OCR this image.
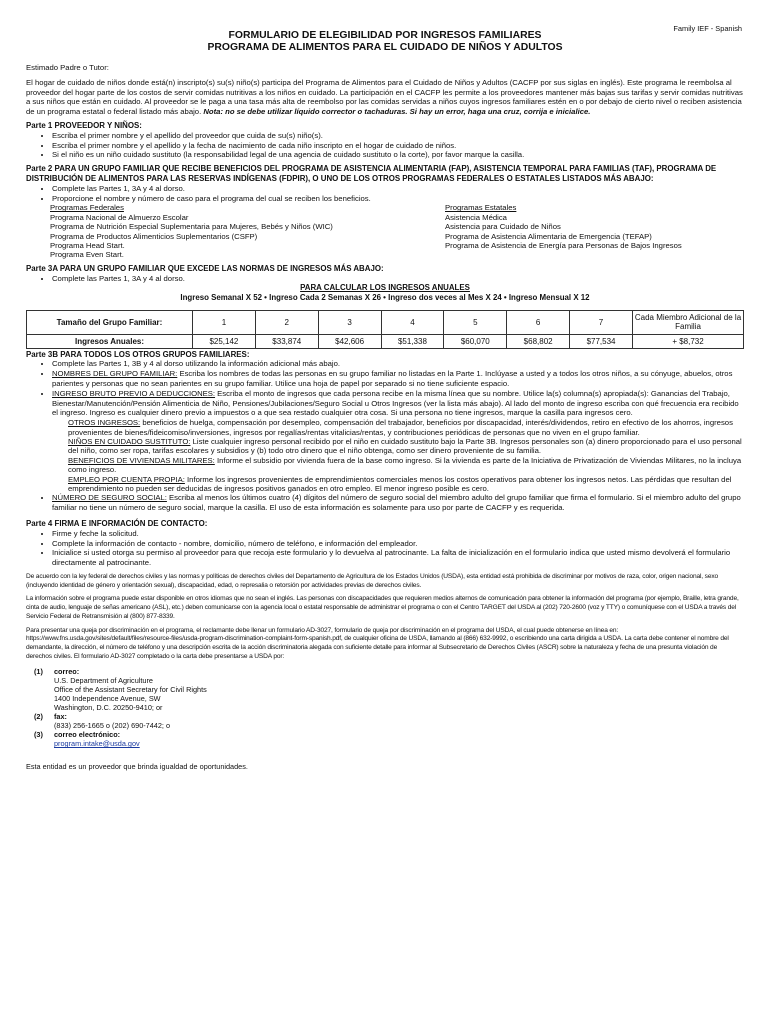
Family IEF - Spanish
FORMULARIO DE ELEGIBILIDAD POR INGRESOS FAMILIARES
PROGRAMA DE ALIMENTOS PARA EL CUIDADO DE NIÑOS Y ADULTOS

Estimado Padre o Tutor:

El hogar de cuidado de niños donde está(n) inscripto(s) su(s) niño(s) participa del Programa de Alimentos para el Cuidado de Niños y Adultos (CACFP por sus siglas en inglés). Este programa le reembolsa al proveedor del hogar parte de los costos de servir comidas nutritivas a los niños en cuidado. La participación en el CACFP les permite a los proveedores mantener más bajas sus tarifas y servir comidas nutritivas a sus niños que están en cuidado. Al proveedor se le paga a una tasa más alta de reembolso por las comidas servidas a niños cuyos ingresos familiares estén en o por debajo de cierto nivel o reciben asistencia de un programa estatal o federal listado más abajo. Nota: no se debe utilizar líquido corrector o tachaduras. Si hay un error, haga una cruz, corrija e inicialice.

Parte 1 PROVEEDOR Y NIÑOS:
• Escriba el primer nombre y el apellido del proveedor que cuida de su(s) niño(s).
• Escriba el primer nombre y el apellido y la fecha de nacimiento de cada niño inscripto en el hogar de cuidado de niños.
• Si el niño es un niño cuidado sustituto (la responsabilidad legal de una agencia de cuidado sustituto o la corte), por favor marque la casilla.
Parte 2 PARA UN GRUPO FAMILIAR QUE RECIBE BENEFICIOS DEL PROGRAMA DE ASISTENCIA ALIMENTARIA (FAP), ASISTENCIA TEMPORAL PARA FAMILIAS (TAF), PROGRAMA DE DISTRIBUCIÓN DE ALIMENTOS PARA LAS RESERVAS INDÍGENAS (FDPIR), O UNO DE LOS OTROS PROGRAMAS FEDERALES O ESTATALES LISTADOS MÁS ABAJO:
• Complete las Partes 1, 3A y 4 al dorso.
• Proporcione el nombre y número de caso para el programa del cual se reciben los beneficios.
Programas Federales
Programa Nacional de Almuerzo Escolar
Programa de Nutrición Especial Suplementaria para Mujeres, Bebés y Niños (WIC)
Programa de Productos Alimenticios Suplementarios (CSFP)
Programa Head Start.
Programa Even Start.
Programas Estatales
Asistencia Médica
Asistencia para Cuidado de Niños
Programa de Asistencia Alimentaria de Emergencia (TEFAP)
Programa de Asistencia de Energía para Personas de Bajos Ingresos
Parte 3A PARA UN GRUPO FAMILIAR QUE EXCEDE LAS NORMAS DE INGRESOS MÁS ABAJO:
• Complete las Partes 1, 3A y 4 al dorso.
PARA CALCULAR LOS INGRESOS ANUALES
Ingreso Semanal X 52 • Ingreso Cada 2 Semanas X 26 • Ingreso dos veces al Mes X 24 • Ingreso Mensual X 12
Tamaño del Grupo Familiar:	1	2	3	4	5	6	7	Cada Miembro Adicional de la Familia
Ingresos Anuales:	$25,142	$33,874	$42,606	$51,338	$60,070	$68,802	$77,534	+ $8,732
Parte 3B PARA TODOS LOS OTROS GRUPOS FAMILIARES:
• Complete las Partes 1, 3B y 4 al dorso utilizando la información adicional más abajo.
• NOMBRES DEL GRUPO FAMILIAR: Escriba los nombres de todas las personas en su grupo familiar no listadas en la Parte 1. Inclúyase a usted y a todos los otros niños, a su cónyuge, abuelos, otros parientes y personas que no sean parientes en su grupo familiar. Utilice una hoja de papel por separado si no tiene suficiente espacio.
• INGRESO BRUTO PREVIO A DEDUCCIONES: Escriba el monto de ingresos que cada persona recibe en la misma línea que su nombre. Utilice la(s) columna(s) apropiada(s): Ganancias del Trabajo, Bienestar/Manutención/Pensión Alimenticia de Niño, Pensiones/Jubilaciones/Seguro Social u Otros Ingresos (ver la lista más abajo). Al lado del monto de ingreso escriba con qué frecuencia era recibido el ingreso. Ingreso es cualquier dinero previo a impuestos o a que sea restado cualquier otra cosa. Si una persona no tiene ingresos, marque la casilla para ingresos cero.

OTROS INGRESOS: beneficios de huelga, compensación por desempleo, compensación del trabajador, beneficios por discapacidad, interés/dividendos, retiro en efectivo de los ahorros, ingresos provenientes de bienes/fideicomiso/inversiones, ingresos por regalías/rentas vitalicias/rentas, y contribuciones periódicas de personas que no viven en el grupo familiar.

NIÑOS EN CUIDADO SUSTITUTO: Liste cualquier ingreso personal recibido por el niño en cuidado sustituto bajo la Parte 3B. Ingresos personales son (a) dinero proporcionado para el uso personal del niño, como ser ropa, tarifas escolares y subsidios y (b) todo otro dinero que el niño obtenga, como ser dinero proveniente de su familia.

BENEFICIOS DE VIVIENDAS MILITARES: Informe el subsidio por vivienda fuera de la base como ingreso. Si la vivienda es parte de la Iniciativa de Privatización de Viviendas Militares, no la incluya como ingreso.

EMPLEO POR CUENTA PROPIA: Informe los ingresos provenientes de emprendimientos comerciales menos los costos operativos para obtener los ingresos netos. Las pérdidas que resultan del emprendimiento no pueden ser deducidas de ingresos positivos ganados en otro empleo. El menor ingreso posible es cero.

• NÚMERO DE SEGURO SOCIAL: Escriba al menos los últimos cuatro (4) dígitos del número de seguro social del miembro adulto del grupo familiar que firma el formulario. Si el miembro adulto del grupo familiar no tiene un número de seguro social, marque la casilla. El uso de esta información es solamente para uso por parte de CACFP y es requerida.
Parte 4 FIRMA E INFORMACIÓN DE CONTACTO:
• Firme y feche la solicitud.
• Complete la información de contacto - nombre, domicilio, número de teléfono, e información del empleador.
• Inicialice si usted otorga su permiso al proveedor para que recoja este formulario y lo devuelva al patrocinante. La falta de inicialización en el formulario indica que usted mismo devolverá el formulario directamente al patrocinante.

De acuerdo con la ley federal de derechos civiles y las normas y políticas de derechos civiles del Departamento de Agricultura de los Estados Unidos (USDA), esta entidad está prohibida de discriminar por motivos de raza, color, origen nacional, sexo (incluyendo identidad de género y orientación sexual), discapacidad, edad, o represalia o retorsión por actividades previas de derechos civiles.

La información sobre el programa puede estar disponible en otros idiomas que no sean el inglés. Las personas con discapacidades que requieren medios alternos de comunicación para obtener la información del programa (por ejemplo, Braille, letra grande, cinta de audio, lenguaje de señas americano (ASL), etc.) deben comunicarse con la agencia local o estatal responsable de administrar el programa o con el Centro TARGET del USDA al (202) 720-2600 (voz y TTY) o comuníquese con el USDA a través del Servicio Federal de Retransmisión al (800) 877-8339.

Para presentar una queja por discriminación en el programa, el reclamante debe llenar un formulario AD-3027, formulario de queja por discriminación en el programa del USDA, el cual puede obtenerse en línea en: https://www.fns.usda.gov/sites/default/files/resource-files/usda-program-discrimination-complaint-form-spanish.pdf, de cualquier oficina de USDA, llamando al (866) 632-9992, o escribiendo una carta dirigida a USDA. La carta debe contener el nombre del demandante, la dirección, el número de teléfono y una descripción escrita de la acción discriminatoria alegada con suficiente detalle para informar al Subsecretario de Derechos Civiles (ASCR) sobre la naturaleza y fecha de una presunta violación de derechos civiles. El formulario AD-3027 completado o la carta debe presentarse a USDA por:

(1)	correo:
U.S. Department of Agriculture
Office of the Assistant Secretary for Civil Rights
1400 Independence Avenue, SW
Washington, D.C. 20250-9410; or
(2)	fax:
(833) 256-1665 o (202) 690-7442; o
(3)	correo electrónico:
program.intake@usda.gov
Esta entidad es un proveedor que brinda igualdad de oportunidades.
